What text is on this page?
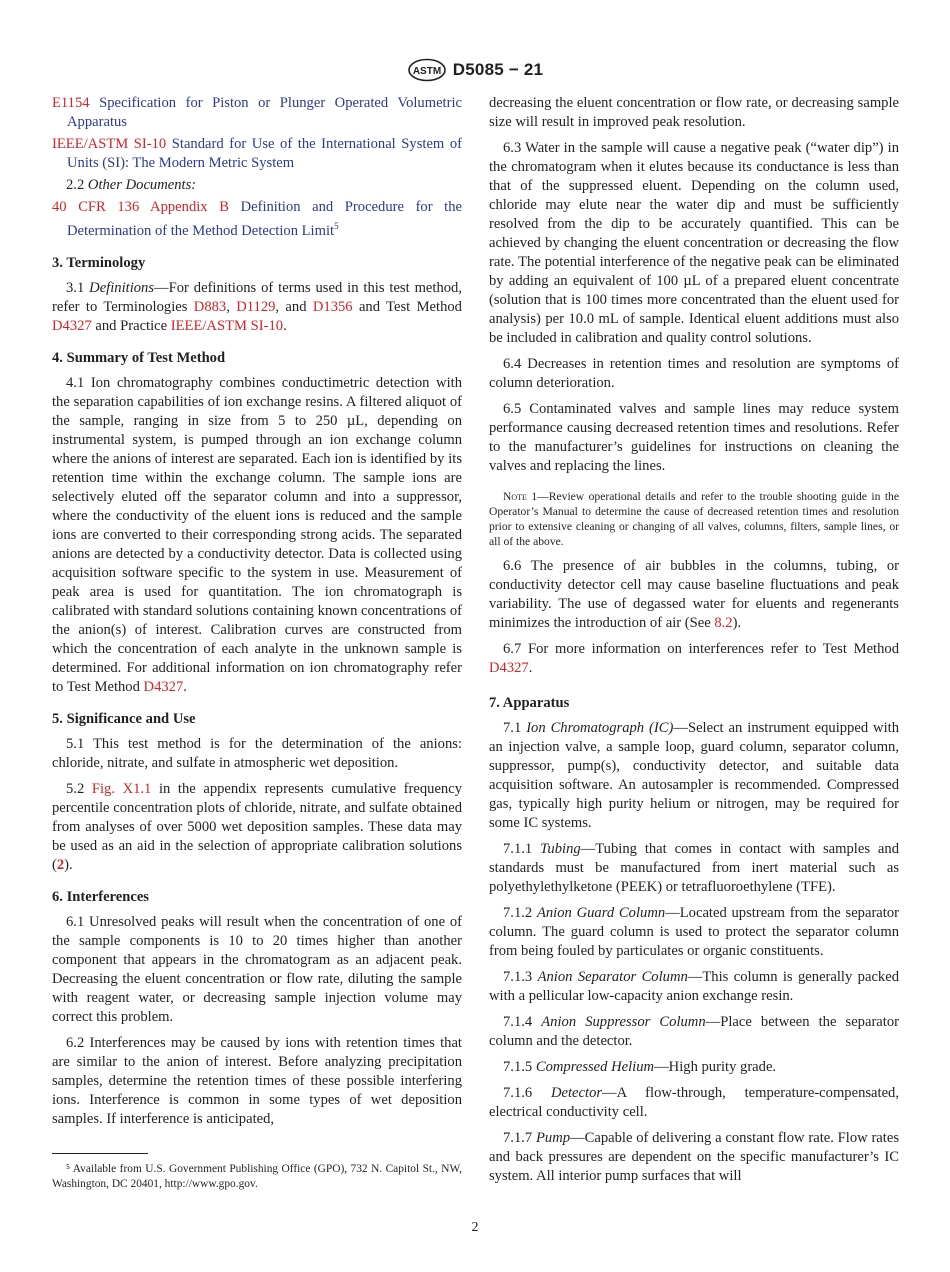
ASTM D5085 − 21

E1154 Specification for Piston or Plunger Operated Volumetric Apparatus

IEEE/ASTM SI-10 Standard for Use of the International System of Units (SI): The Modern Metric System

2.2 Other Documents:

40 CFR 136 Appendix B Definition and Procedure for the Determination of the Method Detection Limit$^5$

3. Terminology

3.1 Definitions—For definitions of terms used in this test method, refer to Terminologies D883, D1129, and D1356 and Test Method D4327 and Practice IEEE/ASTM SI-10.

4. Summary of Test Method

4.1 Ion chromatography combines conductimetric detection with the separation capabilities of ion exchange resins. A filtered aliquot of the sample, ranging in size from 5 to 250 µL, depending on instrumental system, is pumped through an ion exchange column where the anions of interest are separated. Each ion is identified by its retention time within the exchange column. The sample ions are selectively eluted off the separator column and into a suppressor, where the conductivity of the eluent ions is reduced and the sample ions are converted to their corresponding strong acids. The separated anions are detected by a conductivity detector. Data is collected using acquisition software specific to the system in use. Measurement of peak area is used for quantitation. The ion chromatograph is calibrated with standard solutions containing known concentrations of the anion(s) of interest. Calibration curves are constructed from which the concentration of each analyte in the unknown sample is determined. For additional information on ion chromatography refer to Test Method D4327.

5. Significance and Use

5.1 This test method is for the determination of the anions: chloride, nitrate, and sulfate in atmospheric wet deposition.

5.2 Fig. X1.1 in the appendix represents cumulative frequency percentile concentration plots of chloride, nitrate, and sulfate obtained from analyses of over 5000 wet deposition samples. These data may be used as an aid in the selection of appropriate calibration solutions (2).

6. Interferences

6.1 Unresolved peaks will result when the concentration of one of the sample components is 10 to 20 times higher than another component that appears in the chromatogram as an adjacent peak. Decreasing the eluent concentration or flow rate, diluting the sample with reagent water, or decreasing sample injection volume may correct this problem.

6.2 Interferences may be caused by ions with retention times that are similar to the anion of interest. Before analyzing precipitation samples, determine the retention times of these possible interfering ions. Interference is common in some types of wet deposition samples. If interference is anticipated,

⁵ Available from U.S. Government Publishing Office (GPO), 732 N. Capitol St., NW, Washington, DC 20401, http://www.gpo.gov.

decreasing the eluent concentration or flow rate, or decreasing sample size will result in improved peak resolution.

6.3 Water in the sample will cause a negative peak (“water dip”) in the chromatogram when it elutes because its conductance is less than that of the suppressed eluent. Depending on the column used, chloride may elute near the water dip and must be sufficiently resolved from the dip to be accurately quantified. This can be achieved by changing the eluent concentration or decreasing the flow rate. The potential interference of the negative peak can be eliminated by adding an equivalent of 100 µL of a prepared eluent concentrate (solution that is 100 times more concentrated than the eluent used for analysis) per 10.0 mL of sample. Identical eluent additions must also be included in calibration and quality control solutions.

6.4 Decreases in retention times and resolution are symptoms of column deterioration.

6.5 Contaminated valves and sample lines may reduce system performance causing decreased retention times and resolutions. Refer to the manufacturer’s guidelines for instructions on cleaning the valves and replacing the lines.

Note 1—Review operational details and refer to the trouble shooting guide in the Operator’s Manual to determine the cause of decreased retention times and resolution prior to extensive cleaning or changing of all valves, columns, filters, sample lines, or all of the above.

6.6 The presence of air bubbles in the columns, tubing, or conductivity detector cell may cause baseline fluctuations and peak variability. The use of degassed water for eluents and regenerants minimizes the introduction of air (See 8.2).

6.7 For more information on interferences refer to Test Method D4327.

7. Apparatus

7.1 Ion Chromatograph (IC)—Select an instrument equipped with an injection valve, a sample loop, guard column, separator column, suppressor, pump(s), conductivity detector, and suitable data acquisition software. An autosampler is recommended. Compressed gas, typically high purity helium or nitrogen, may be required for some IC systems.

7.1.1 Tubing—Tubing that comes in contact with samples and standards must be manufactured from inert material such as polyethylethylketone (PEEK) or tetrafluoroethylene (TFE).

7.1.2 Anion Guard Column—Located upstream from the separator column. The guard column is used to protect the separator column from being fouled by particulates or organic constituents.

7.1.3 Anion Separator Column—This column is generally packed with a pellicular low-capacity anion exchange resin.

7.1.4 Anion Suppressor Column—Place between the separator column and the detector.

7.1.5 Compressed Helium—High purity grade.

7.1.6 Detector—A flow-through, temperature-compensated, electrical conductivity cell.

7.1.7 Pump—Capable of delivering a constant flow rate. Flow rates and back pressures are dependent on the specific manufacturer’s IC system. All interior pump surfaces that will

2
